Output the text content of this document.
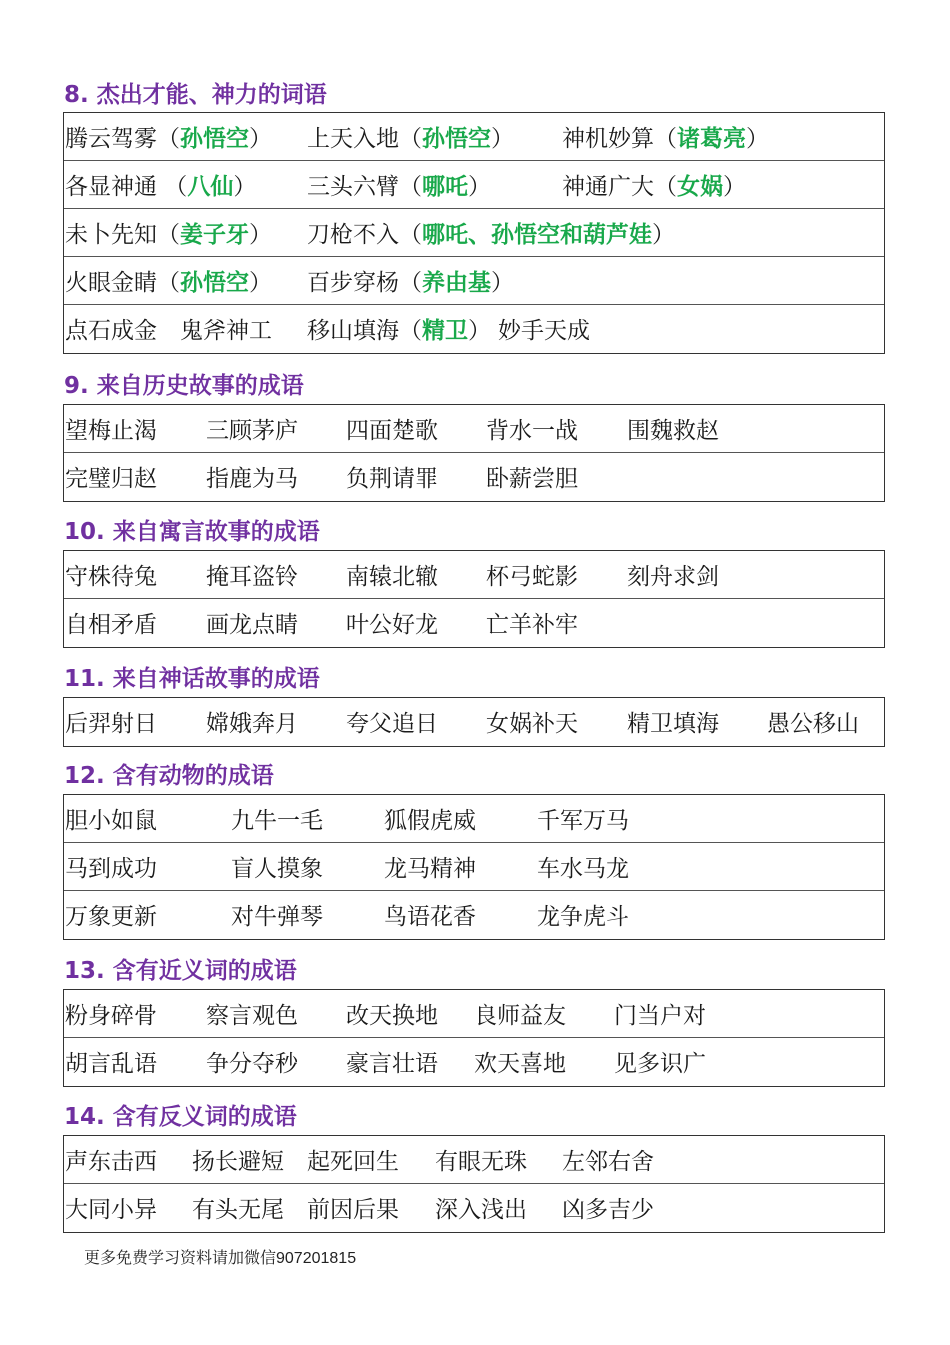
8. 杰出才能、神力的词语
腾云驾雾（孙悟空） 上天入地（孙悟空） 神机妙算（诸葛亮）
各显神通 （八仙） 三头六臂（哪吒）	神通广大（女娲）
未卜先知（姜子牙） 刀枪不入（哪吒、孙悟空和葫芦娃）
火眼金睛（孙悟空） 百步穿杨（养由基）
点石成金 鬼斧神工 移山填海（精卫） 妙手天成
9. 来自历史故事的成语
望梅止渴 三顾茅庐 四面楚歌 背水一战 围魏救赵
完璧归赵 指鹿为马 负荆请罪 卧薪尝胆
10. 来自寓言故事的成语
守株待兔 掩耳盗铃 南辕北辙 杯弓蛇影 刻舟求剑
自相矛盾 画龙点睛 叶公好龙 亡羊补牢
11. 来自神话故事的成语
后羿射日 嫦娥奔月 夸父追日 女娲补天 精卫填海 愚公移山
12. 含有动物的成语
胆小如鼠	九牛一毛	狐假虎威	千军万马
马到成功	盲人摸象	龙马精神	车水马龙
万象更新	对牛弹琴	鸟语花香	龙争虎斗
13. 含有近义词的成语
粉身碎骨 察言观色 改天换地 良师益友 门当户对
胡言乱语 争分夺秒 豪言壮语 欢天喜地 见多识广
14. 含有反义词的成语
声东击西 扬长避短 起死回生 有眼无珠 左邻右舍
大同小异 有头无尾 前因后果 深入浅出 凶多吉少
更多免费学习资料请加微信907201815
